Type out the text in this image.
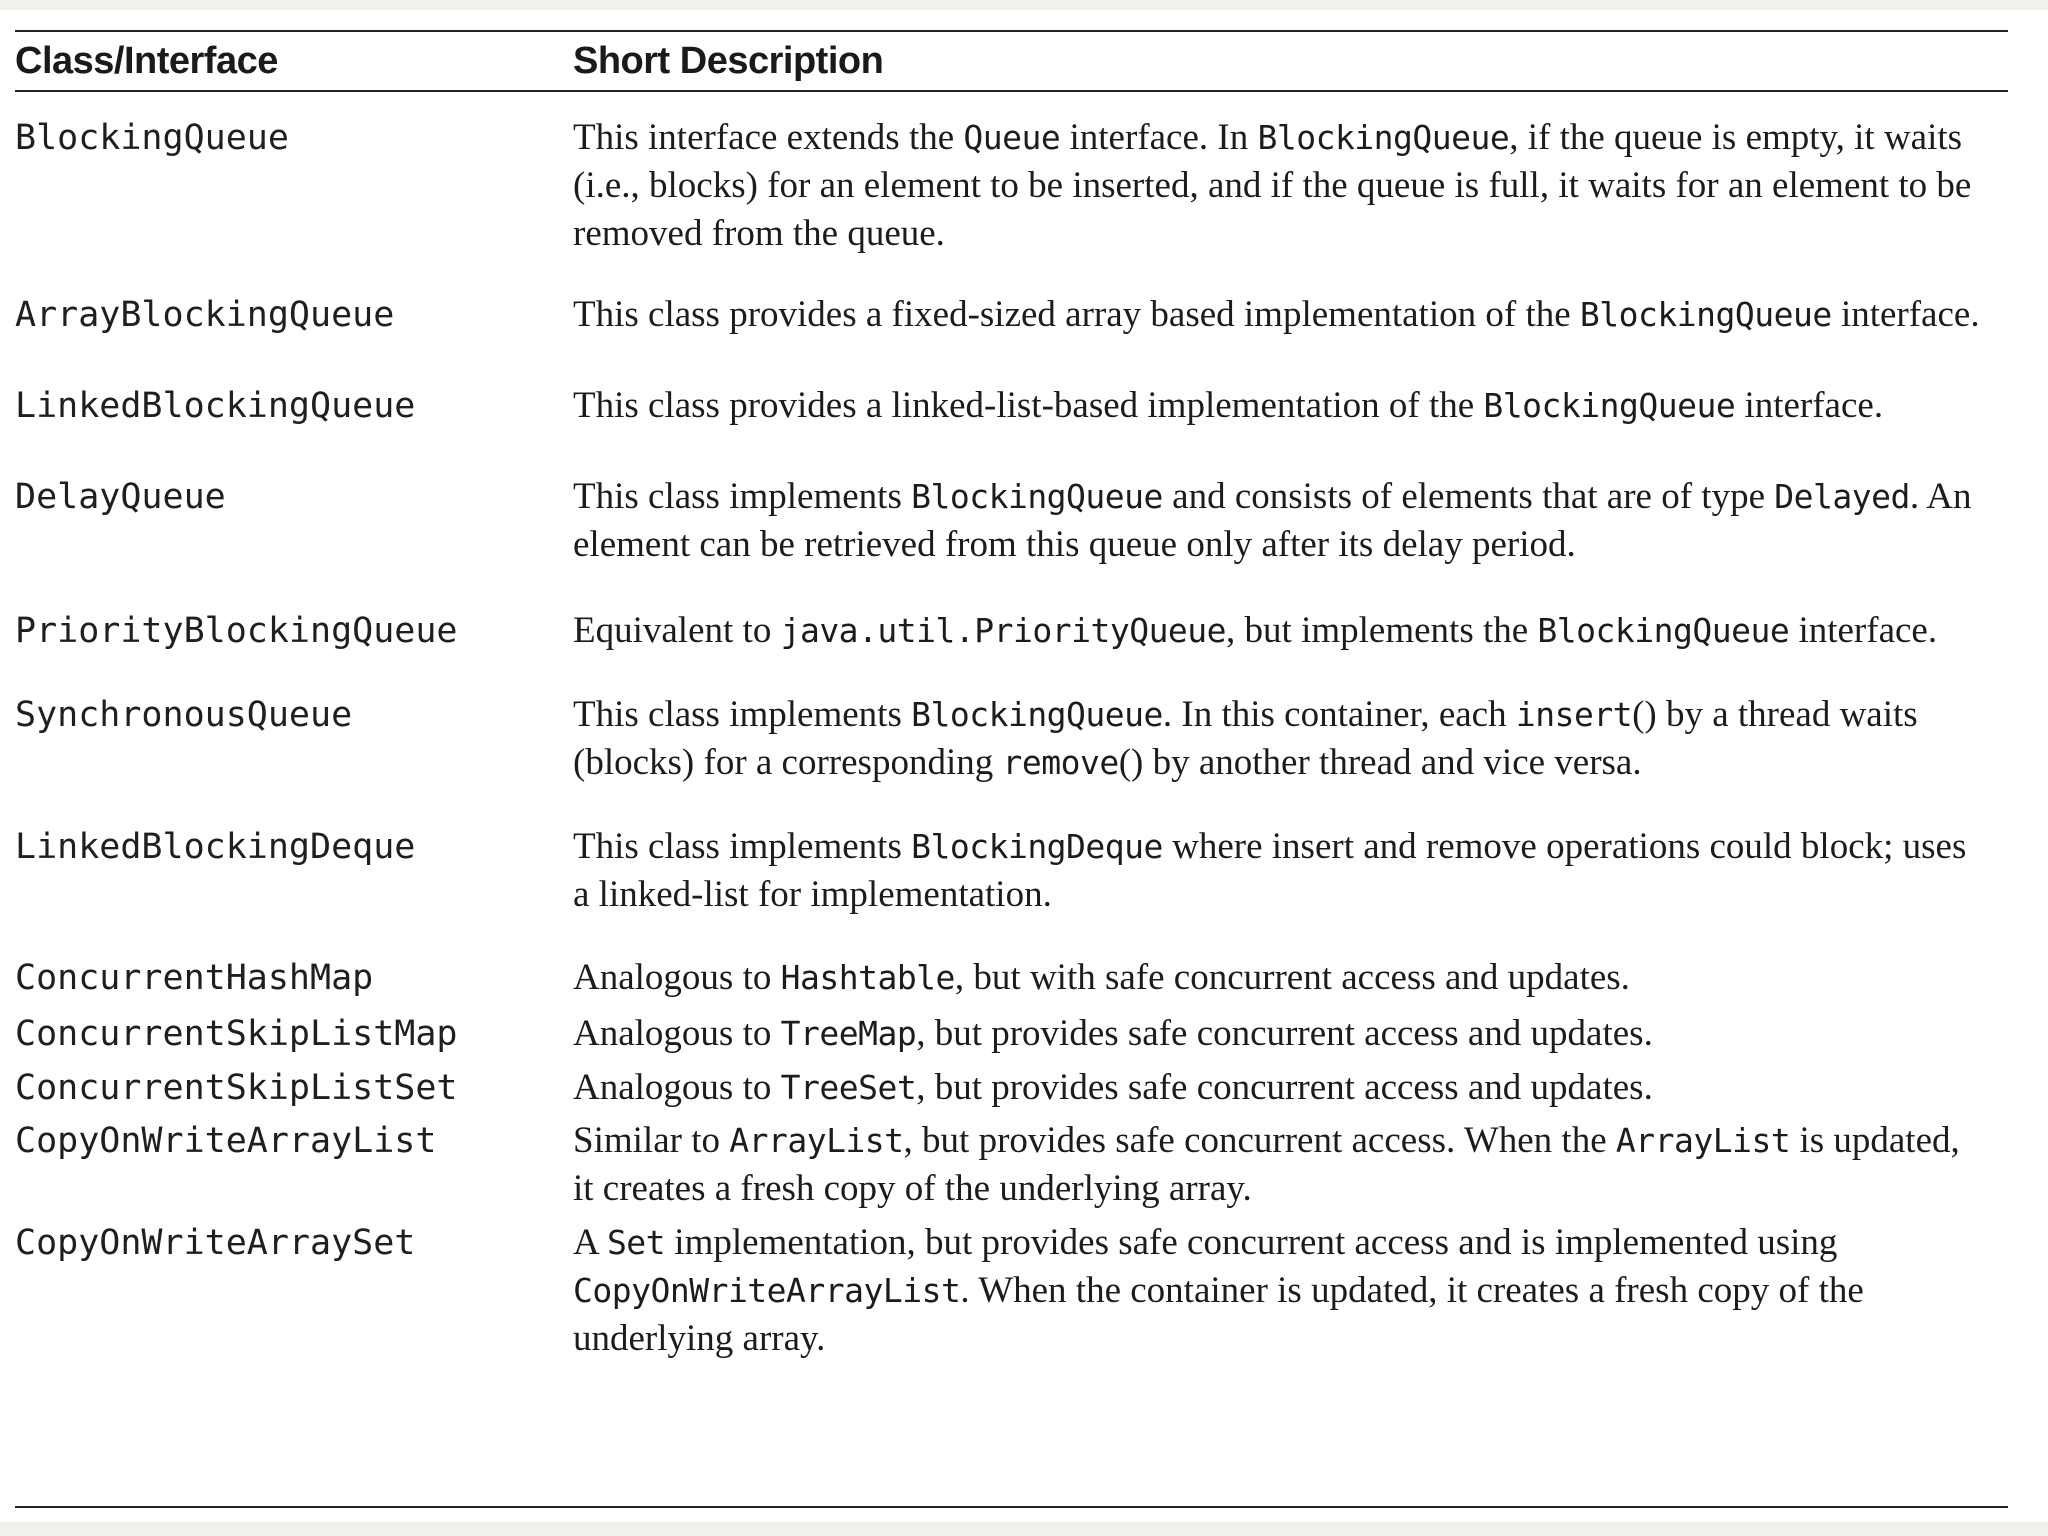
Class/Interface	Short Description
BlockingQueue	This interface extends the Queue interface. In BlockingQueue, if the queue is empty, it waits (i.e., blocks) for an element to be inserted, and if the queue is full, it waits for an element to be removed from the queue.
ArrayBlockingQueue	This class provides a fixed-sized array based implementation of the BlockingQueue interface.
LinkedBlockingQueue	This class provides a linked-list-based implementation of the BlockingQueue interface.
DelayQueue	This class implements BlockingQueue and consists of elements that are of type Delayed. An element can be retrieved from this queue only after its delay period.
PriorityBlockingQueue	Equivalent to java.util.PriorityQueue, but implements the BlockingQueue interface.
SynchronousQueue	This class implements BlockingQueue. In this container, each insert() by a thread waits (blocks) for a corresponding remove() by another thread and vice versa.
LinkedBlockingDeque	This class implements BlockingDeque where insert and remove operations could block; uses a linked-list for implementation.
ConcurrentHashMap	Analogous to Hashtable, but with safe concurrent access and updates.
ConcurrentSkipListMap	Analogous to TreeMap, but provides safe concurrent access and updates.
ConcurrentSkipListSet	Analogous to TreeSet, but provides safe concurrent access and updates.
CopyOnWriteArrayList	Similar to ArrayList, but provides safe concurrent access. When the ArrayList is updated, it creates a fresh copy of the underlying array.
CopyOnWriteArraySet	A Set implementation, but provides safe concurrent access and is implemented using CopyOnWriteArrayList. When the container is updated, it creates a fresh copy of the underlying array.
